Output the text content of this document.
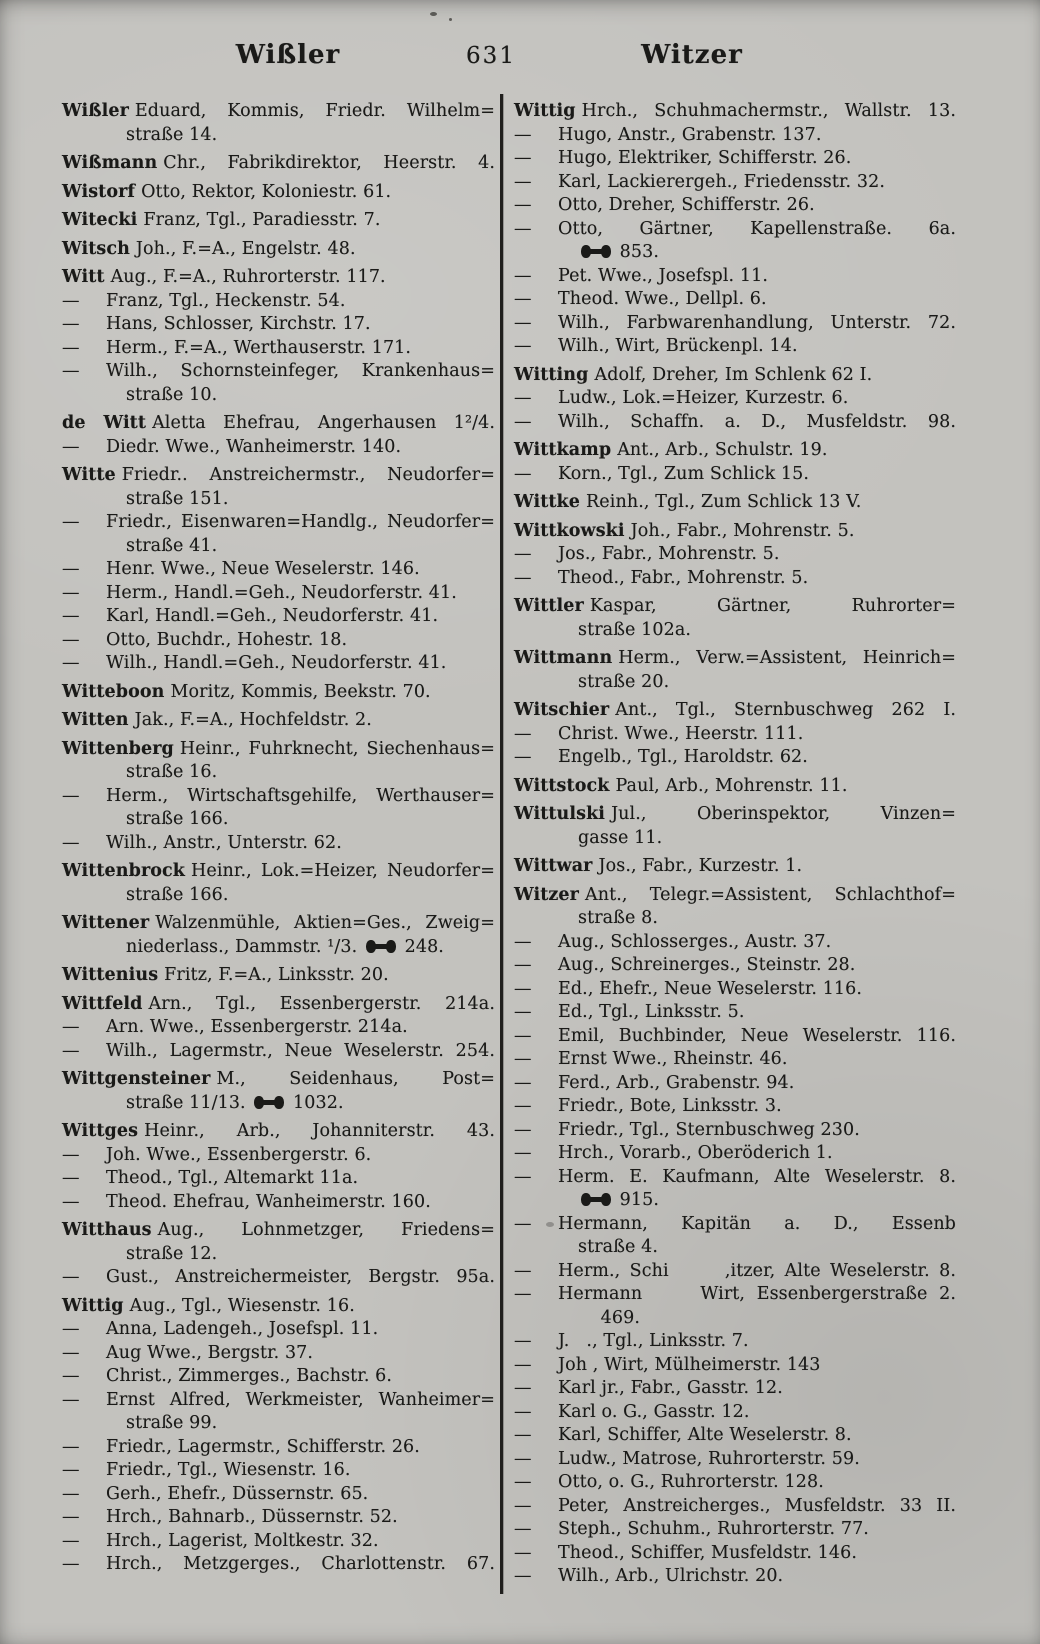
Wißler	631	Witzer
Wißler Eduard, Kommis, Friedr. Wilhelm=
straße 14.
Wißmann Chr., Fabrikdirektor, Heerstr. 4.
Wistorf Otto, Rektor, Koloniestr. 61.
Witecki Franz, Tgl., Paradiesstr. 7.
Witsch Joh., F.=A., Engelstr. 48.
Witt Aug., F.=A., Ruhrorterstr. 117.
— Franz, Tgl., Heckenstr. 54.
— Hans, Schlosser, Kirchstr. 17.
— Herm., F.=A., Werthauserstr. 171.
— Wilh., Schornsteinfeger, Krankenhaus=
straße 10.
de Witt Aletta Ehefrau, Angerhausen 1²/4.
— Diedr. Wwe., Wanheimerstr. 140.
Witte Friedr.. Anstreichermstr., Neudorfer=
straße 151.
— Friedr., Eisenwaren=Handlg., Neudorfer=
straße 41.
— Henr. Wwe., Neue Weselerstr. 146.
— Herm., Handl.=Geh., Neudorferstr. 41.
— Karl, Handl.=Geh., Neudorferstr. 41.
— Otto, Buchdr., Hohestr. 18.
— Wilh., Handl.=Geh., Neudorferstr. 41.
Witteboon Moritz, Kommis, Beekstr. 70.
Witten Jak., F.=A., Hochfeldstr. 2.
Wittenberg Heinr., Fuhrknecht, Siechenhaus=
straße 16.
— Herm., Wirtschaftsgehilfe, Werthauser=
straße 166.
— Wilh., Anstr., Unterstr. 62.
Wittenbrock Heinr., Lok.=Heizer, Neudorfer=
straße 166.
Wittener Walzenmühle, Aktien=Ges., Zweig=
niederlass., Dammstr. ¹/3.  248.
Wittenius Fritz, F.=A., Linksstr. 20.
Wittfeld Arn., Tgl., Essenbergerstr. 214a.
— Arn. Wwe., Essenbergerstr. 214a.
— Wilh., Lagermstr., Neue Weselerstr. 254.
Wittgensteiner M., Seidenhaus, Post=
straße 11/13.  1032.
Wittges Heinr., Arb., Johanniterstr. 43.
— Joh. Wwe., Essenbergerstr. 6.
— Theod., Tgl., Altemarkt 11a.
— Theod. Ehefrau, Wanheimerstr. 160.
Witthaus Aug., Lohnmetzger, Friedens=
straße 12.
— Gust., Anstreichermeister, Bergstr. 95a.
Wittig Aug., Tgl., Wiesenstr. 16.
— Anna, Ladengeh., Josefspl. 11.
— Aug Wwe., Bergstr. 37.
— Christ., Zimmerges., Bachstr. 6.
— Ernst Alfred, Werkmeister, Wanheimer=
straße 99.
— Friedr., Lagermstr., Schifferstr. 26.
— Friedr., Tgl., Wiesenstr. 16.
— Gerh., Ehefr., Düssernstr. 65.
— Hrch., Bahnarb., Düssernstr. 52.
— Hrch., Lagerist, Moltkestr. 32.
— Hrch., Metzgerges., Charlottenstr. 67.
Wittig Hrch., Schuhmachermstr., Wallstr. 13.
— Hugo, Anstr., Grabenstr. 137.
— Hugo, Elektriker, Schifferstr. 26.
— Karl, Lackierergeh., Friedensstr. 32.
— Otto, Dreher, Schifferstr. 26.
— Otto, Gärtner, Kapellenstraße. 6a.
853.
— Pet. Wwe., Josefspl. 11.
— Theod. Wwe., Dellpl. 6.
— Wilh., Farbwarenhandlung, Unterstr. 72.
— Wilh., Wirt, Brückenpl. 14.
Witting Adolf, Dreher, Im Schlenk 62 I.
— Ludw., Lok.=Heizer, Kurzestr. 6.
— Wilh., Schaffn. a. D., Musfeldstr. 98.
Wittkamp Ant., Arb., Schulstr. 19.
— Korn., Tgl., Zum Schlick 15.
Wittke Reinh., Tgl., Zum Schlick 13 V.
Wittkowski Joh., Fabr., Mohrenstr. 5.
— Jos., Fabr., Mohrenstr. 5.
— Theod., Fabr., Mohrenstr. 5.
Wittler Kaspar, Gärtner, Ruhrorter=
straße 102a.
Wittmann Herm., Verw.=Assistent, Heinrich=
straße 20.
Witschier Ant., Tgl., Sternbuschweg 262 I.
— Christ. Wwe., Heerstr. 111.
— Engelb., Tgl., Haroldstr. 62.
Wittstock Paul, Arb., Mohrenstr. 11.
Wittulski Jul., Oberinspektor, Vinzen=
gasse 11.
Wittwar Jos., Fabr., Kurzestr. 1.
Witzer Ant., Telegr.=Assistent, Schlachthof=
straße 8.
— Aug., Schlosserges., Austr. 37.
— Aug., Schreinerges., Steinstr. 28.
— Ed., Ehefr., Neue Weselerstr. 116.
— Ed., Tgl., Linksstr. 5.
— Emil, Buchbinder, Neue Weselerstr. 116.
— Ernst Wwe., Rheinstr. 46.
— Ferd., Arb., Grabenstr. 94.
— Friedr., Bote, Linksstr. 3.
— Friedr., Tgl., Sternbuschweg 230.
— Hrch., Vorarb., Oberöderich 1.
— Herm. E. Kaufmann, Alte Weselerstr. 8.
915.
— Hermann, Kapitän a. D., Essenb
straße 4.
— Herm., Schi      ,itzer, Alte Weselerstr. 8.
— Hermann     Wirt, Essenbergerstraße 2.
469.
— J.   ., Tgl., Linksstr. 7.
— Joh , Wirt, Mülheimerstr. 143
— Karl jr., Fabr., Gasstr. 12.
— Karl o. G., Gasstr. 12.
— Karl, Schiffer, Alte Weselerstr. 8.
— Ludw., Matrose, Ruhrorterstr. 59.
— Otto, o. G., Ruhrorterstr. 128.
— Peter, Anstreicherges., Musfeldstr. 33 II.
— Steph., Schuhm., Ruhrorterstr. 77.
— Theod., Schiffer, Musfeldstr. 146.
— Wilh., Arb., Ulrichstr. 20.
